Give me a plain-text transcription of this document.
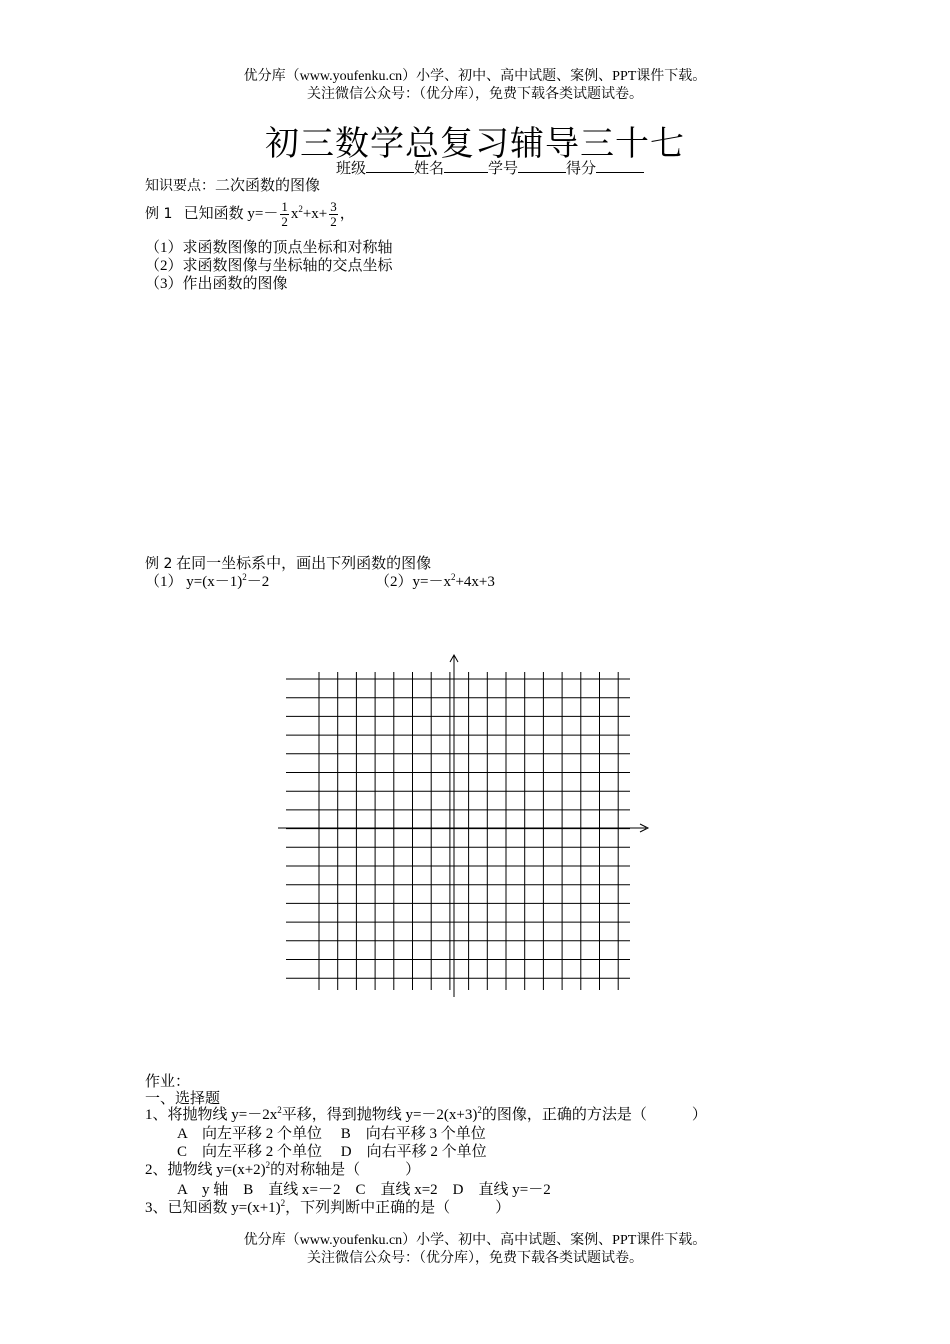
优分库（www.youfenku.cn）小学、初中、高中试题、案例、PPT课件下载。
关注微信公众号：（优分库），免费下载各类试题试卷。
初三数学总复习辅导三十七
班级	姓名	学号	得分
知识要点：二次函数的图像
例 1 已知函数 $y=- \frac{1}{2} x^2+x+ \frac{3}{2}$ ，
（1）求函数图像的顶点坐标和对称轴
（2）求函数图像与坐标轴的交点坐标
（3）作出函数的图像
例 2 在同一坐标系中，画出下列函数的图像
（1） $y=(x-1)^2-2$	$(2)y=-x^2+4x+3$
作业：
一、选择题
1、将抛物线 $y=-2x^2$平移，得到抛物线 $y=-2(x+3)^2$的图像，正确的方法是（　　　）
A　向左平移 2 个单位　 B　向右平移 3 个单位
C　向左平移 2 个单位　 D　向右平移 2 个单位
2、抛物线 $y=(x+2)^2$的对称轴是（　　　）
A　y 轴　B　直线 x=－2　C　直线 x=2　D　直线 y=－2
3、已知函数 $y=(x+1)^2$，下列判断中正确的是（　　　）
优分库（www.youfenku.cn）小学、初中、高中试题、案例、PPT课件下载。
关注微信公众号：（优分库），免费下载各类试题试卷。
